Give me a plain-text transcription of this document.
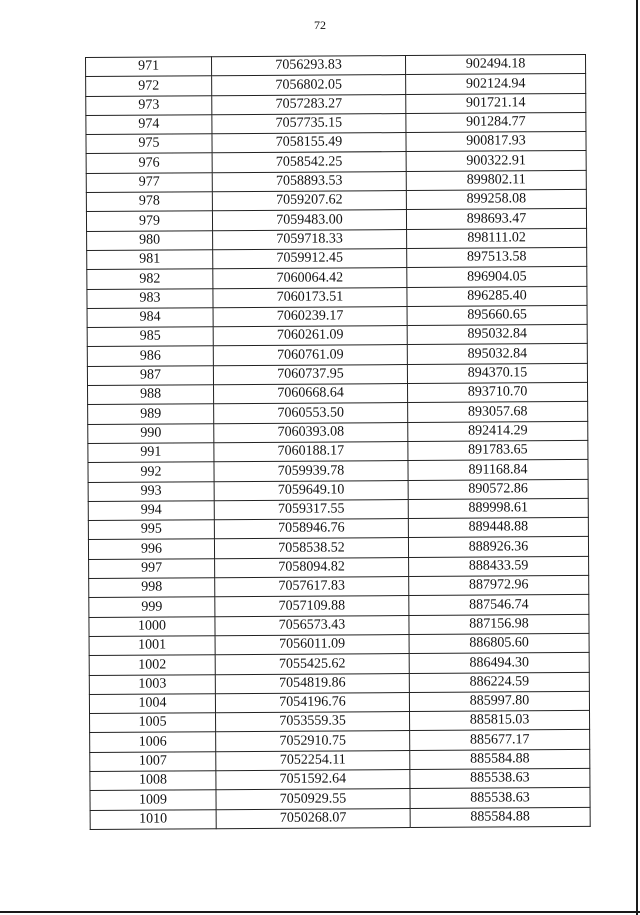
72
971	7056293.83	902494.18
972	7056802.05	902124.94
973	7057283.27	901721.14
974	7057735.15	901284.77
975	7058155.49	900817.93
976	7058542.25	900322.91
977	7058893.53	899802.11
978	7059207.62	899258.08
979	7059483.00	898693.47
980	7059718.33	898111.02
981	7059912.45	897513.58
982	7060064.42	896904.05
983	7060173.51	896285.40
984	7060239.17	895660.65
985	7060261.09	895032.84
986	7060761.09	895032.84
987	7060737.95	894370.15
988	7060668.64	893710.70
989	7060553.50	893057.68
990	7060393.08	892414.29
991	7060188.17	891783.65
992	7059939.78	891168.84
993	7059649.10	890572.86
994	7059317.55	889998.61
995	7058946.76	889448.88
996	7058538.52	888926.36
997	7058094.82	888433.59
998	7057617.83	887972.96
999	7057109.88	887546.74
1000	7056573.43	887156.98
1001	7056011.09	886805.60
1002	7055425.62	886494.30
1003	7054819.86	886224.59
1004	7054196.76	885997.80
1005	7053559.35	885815.03
1006	7052910.75	885677.17
1007	7052254.11	885584.88
1008	7051592.64	885538.63
1009	7050929.55	885538.63
1010	7050268.07	885584.88
